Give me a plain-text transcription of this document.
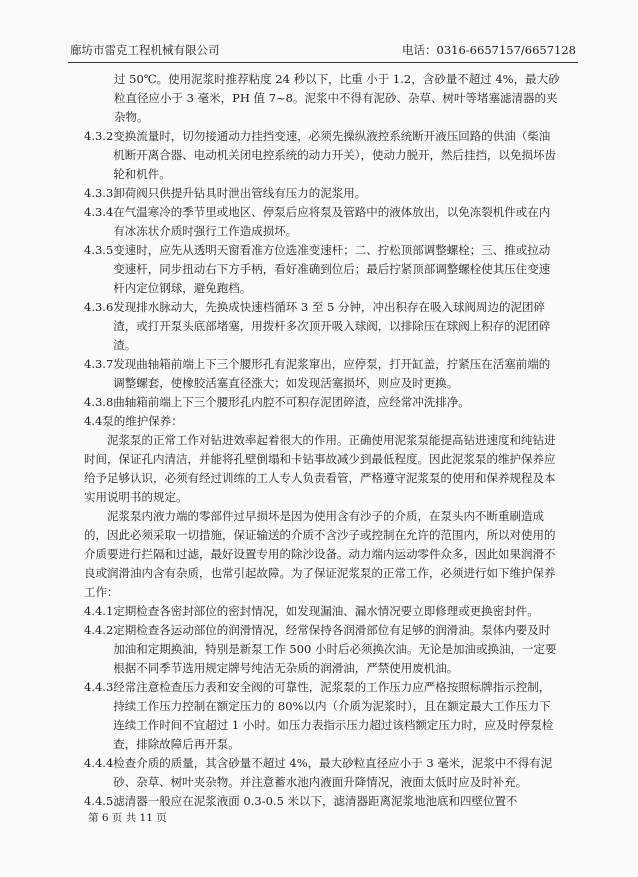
廊坊市雷克工程机械有限公司	电话：0316-6657157/6657128

过 50℃。使用泥浆时推荐粘度 24 秒以下，比重 小于 1.2，含砂量不超过 4%，最大砂粒直径应小于 3 毫米，PH 值 7~8。泥浆中不得有泥砂、杂草、树叶等堵塞滤清器的夹杂物。

4.3.2 变换流量时，切勿接通动力挂挡变速，必须先操纵液控系统断开液压回路的供油（柴油机断开离合器、电动机关闭电控系统的动力开关），使动力脱开，然后挂挡，以免损坏齿轮和机件。
4.3.3 卸荷阀只供提升钻具时泄出管线有压力的泥浆用。
4.3.4 在气温寒冷的季节里或地区、停泵后应将泵及管路中的液体放出，以免冻裂机件或在内有冰冻状介质时强行工作造成损坏。
4.3.5 变速时，应先从透明天窗看准方位选准变速杆；二、拧松顶部调整螺栓；三、推或拉动变速杆，同步扭动右下方手柄，看好准确到位后；最后拧紧顶部调整螺栓使其压住变速杆内定位钢球，避免跑档。
4.3.6 发现排水脉动大，先换成快速档循环 3 至 5 分钟，冲出积存在吸入球阀周边的泥团碎渣，或打开泵头底部堵塞，用拨杆多次顶开吸入球阀，以排除压在球阀上积存的泥团碎渣。
4.3.7 发现曲轴箱前端上下三个腰形孔有泥浆窜出，应停泵，打开缸盖，拧紧压在活塞前端的调整螺套，使橡胶活塞直径涨大；如发现活塞损坏，则应及时更换。
4.3.8 曲轴箱前端上下三个腰形孔内腔不可积存泥团碎渣，应经常冲洗排净。
4.4 泵的维护保养：

泥浆泵的正常工作对钻进效率起着很大的作用。正确使用泥浆泵能提高钻进速度和纯钻进时间，保证孔内清洁，并能将孔壁倒塌和卡钻事故减少到最低程度。因此泥浆泵的维护保养应给予足够认识，必须有经过训练的工人专人负责看管，严格遵守泥浆泵的使用和保养规程及本实用说明书的规定。

泥浆泵内液力端的零部件过早损坏是因为使用含有沙子的介质，在泵头内不断重刷造成的，因此必须采取一切措施，保证输送的介质不含沙子或控制在允许的范围内，所以对使用的介质要进行拦隔和过滤，最好设置专用的除沙设备。动力端内运动零件众多，因此如果润滑不良或润滑油内含有杂质，也常引起故障。为了保证泥浆泵的正常工作，必须进行如下维护保养工作：

4.4.1 定期检查各密封部位的密封情况，如发现漏油、漏水情况要立即修理或更换密封件。
4.4.2 定期检查各运动部位的润滑情况，经常保持各润滑部位有足够的润滑油。泵体内要及时加油和定期换油，特别是新泵工作 500 小时后必须换次油。无论是加油或换油，一定要根据不同季节选用规定牌号纯洁无杂质的润滑油，严禁使用废机油。
4.4.3 经常注意检查压力表和安全阀的可靠性，泥浆泵的工作压力应严格按照标牌指示控制，持续工作压力控制在额定压力的 80%以内（介质为泥浆时），且在额定最大工作压力下连续工作时间不宜超过 1 小时。如压力表指示压力超过该档额定压力时，应及时停泵检查，排除故障后再开泵。
4.4.4 检查介质的质量，其含砂量不超过 4%，最大砂粒直径应小于 3 毫米，泥浆中不得有泥砂、杂草、树叶夹杂物。并注意蓄水池内液面升降情况，液面太低时应及时补充。
4.4.5 滤清器一般应在泥浆液面 0.3-0.5 米以下，滤清器距离泥浆地池底和四壁位置不
第 6 页 共 11 页
